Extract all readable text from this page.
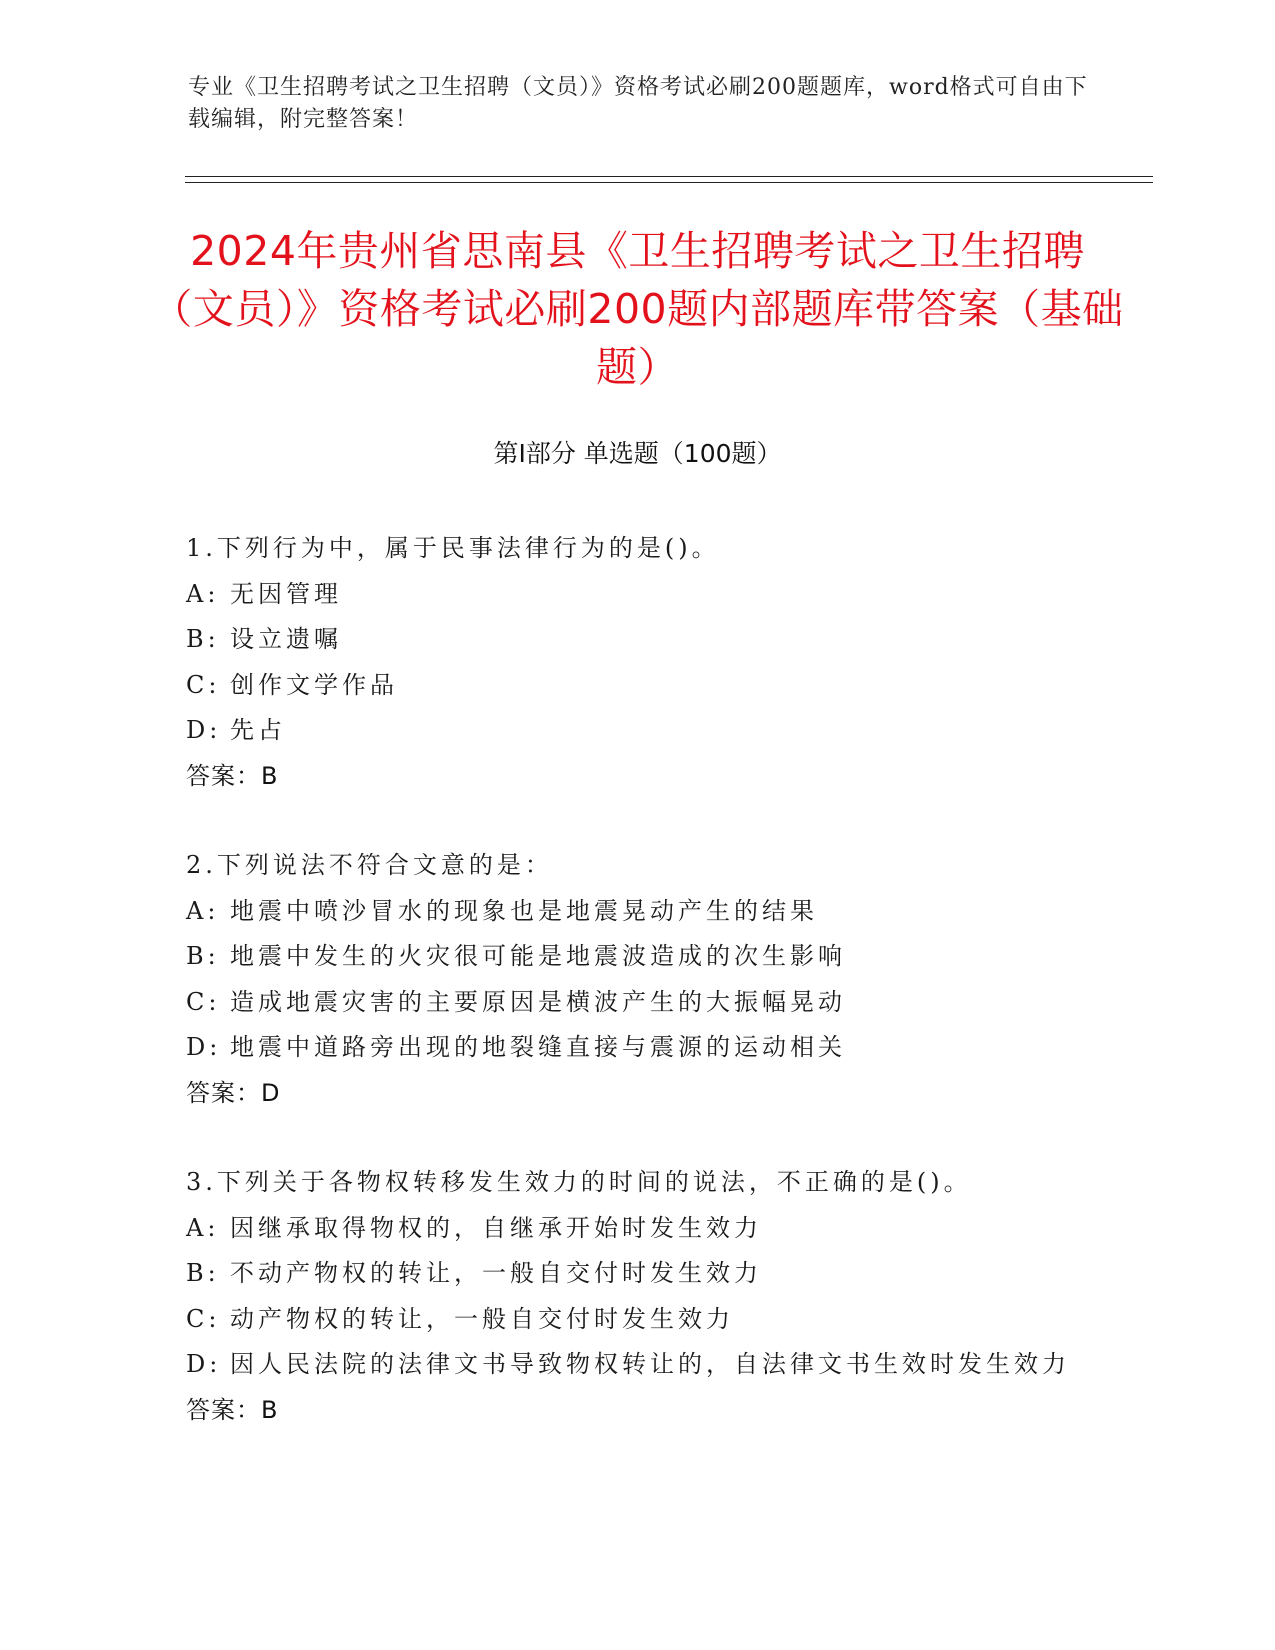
专业《卫生招聘考试之卫生招聘（文员）》资格考试必刷200题题库，word格式可自由下载编辑，附完整答案！
2024年贵州省思南县《卫生招聘考试之卫生招聘（文员）》资格考试必刷200题内部题库带答案（基础题）
第Ⅰ部分 单选题（100题）
1.下列行为中，属于民事法律行为的是()。
A: 无因管理
B: 设立遗嘱
C: 创作文学作品
D: 先占
答案：B
2.下列说法不符合文意的是：
A: 地震中喷沙冒水的现象也是地震晃动产生的结果
B: 地震中发生的火灾很可能是地震波造成的次生影响
C: 造成地震灾害的主要原因是横波产生的大振幅晃动
D: 地震中道路旁出现的地裂缝直接与震源的运动相关
答案：D
3.下列关于各物权转移发生效力的时间的说法，不正确的是()。
A: 因继承取得物权的，自继承开始时发生效力
B: 不动产物权的转让，一般自交付时发生效力
C: 动产物权的转让，一般自交付时发生效力
D: 因人民法院的法律文书导致物权转让的，自法律文书生效时发生效力
答案：B
